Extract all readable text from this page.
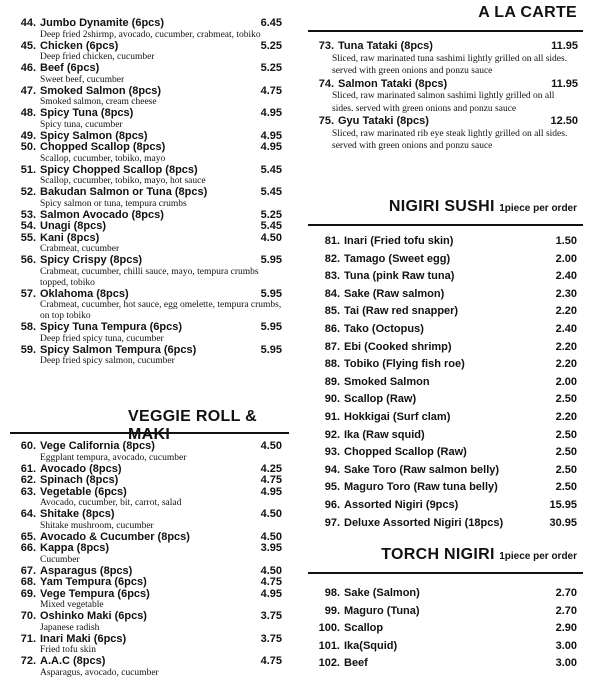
44. Jumbo Dynamite (6pcs)	6.45
Deep fried 2shirmp, avocado, cucumber, crabmeat, tobiko
45. Chicken (6pcs)	5.25
Deep fried chicken, cucumber
46. Beef (6pcs)	5.25
Sweet beef, cucumber
47. Smoked Salmon (8pcs)	4.75
Smoked salmon, cream cheese
48. Spicy Tuna (8pcs)	4.95
Spicy tuna, cucumber
49. Spicy Salmon (8pcs)	4.95
50. Chopped Scallop (8pcs)	4.95
Scallop, cucumber, tobiko, mayo
51. Spicy Chopped Scallop (8pcs)	5.45
Scallop, cucumber, tobiko, mayo, hot sauce
52. Bakudan Salmon or Tuna (8pcs)	5.45
Spicy salmon or tuna, tempura crumbs
53. Salmon Avocado (8pcs)	5.25
54. Unagi (8pcs)	5.45
55. Kani (8pcs)	4.50
Crabmeat, cucumber
56. Spicy Crispy (8pcs)	5.95
Crabmeat, cucumber, chilli sauce, mayo, tempura crumbs topped, tobiko
57. Oklahoma (8pcs)	5.95
Crabmeat, cucumber, hot sauce, egg omelette, tempura crumbs, on top tobiko
58. Spicy Tuna Tempura (6pcs)	5.95
Deep fried spicy tuna, cucumber
59. Spicy Salmon Tempura (6pcs)	5.95
Deep fried spicy salmon, cucumber
VEGGIE ROLL & MAKI
60. Vege California (8pcs)	4.50
Eggplant tempura, avocado, cucumber
61. Avocado (8pcs)	4.25
62. Spinach (8pcs)	4.75
63. Vegetable (6pcs)	4.95
Avocado, cucumber, bit, carrot, salad
64. Shitake (8pcs)	4.50
Shitake mushroom, cucumber
65. Avocado & Cucumber (8pcs)	4.50
66. Kappa (8pcs)	3.95
Cucumber
67. Asparagus (8pcs)	4.50
68. Yam Tempura (6pcs)	4.75
69. Vege Tempura (6pcs)	4.95
Mixed vegetable
70. Oshinko Maki (6pcs)	3.75
Japanese radish
71. Inari Maki (6pcs)	3.75
Fried tofu skin
72. A.A.C (8pcs)	4.75
Asparagus, avocado, cucumber
A LA CARTE
73. Tuna Tataki (8pcs)	11.95
Sliced, raw marinated tuna sashimi lightly grilled on all sides. served with green onions and ponzu sauce
74. Salmon Tataki (8pcs)	11.95
Sliced, raw marinated salmon sashimi lightly grilled on all sides. served with green onions and ponzu sauce
75. Gyu Tataki (8pcs)	12.50
Sliced, raw marinated rib eye steak lightly grilled on all sides. served with green onions and ponzu sauce
NIGIRI SUSHI 1piece per order
81. Inari (Fried tofu skin)	1.50
82. Tamago (Sweet egg)	2.00
83. Tuna (pink Raw tuna)	2.40
84. Sake (Raw salmon)	2.30
85. Tai (Raw red snapper)	2.20
86. Tako (Octopus)	2.40
87. Ebi (Cooked shrimp)	2.20
88. Tobiko (Flying fish roe)	2.20
89. Smoked Salmon	2.00
90. Scallop (Raw)	2.50
91. Hokkigai (Surf clam)	2.20
92. Ika (Raw squid)	2.50
93. Chopped Scallop (Raw)	2.50
94. Sake Toro (Raw salmon belly)	2.50
95. Maguro Toro (Raw tuna belly)	2.50
96. Assorted Nigiri (9pcs)	15.95
97. Deluxe Assorted Nigiri (18pcs)	30.95
TORCH NIGIRI 1piece per order
98. Sake (Salmon)	2.70
99. Maguro (Tuna)	2.70
100. Scallop	2.90
101. Ika(Squid)	3.00
102. Beef	3.00
